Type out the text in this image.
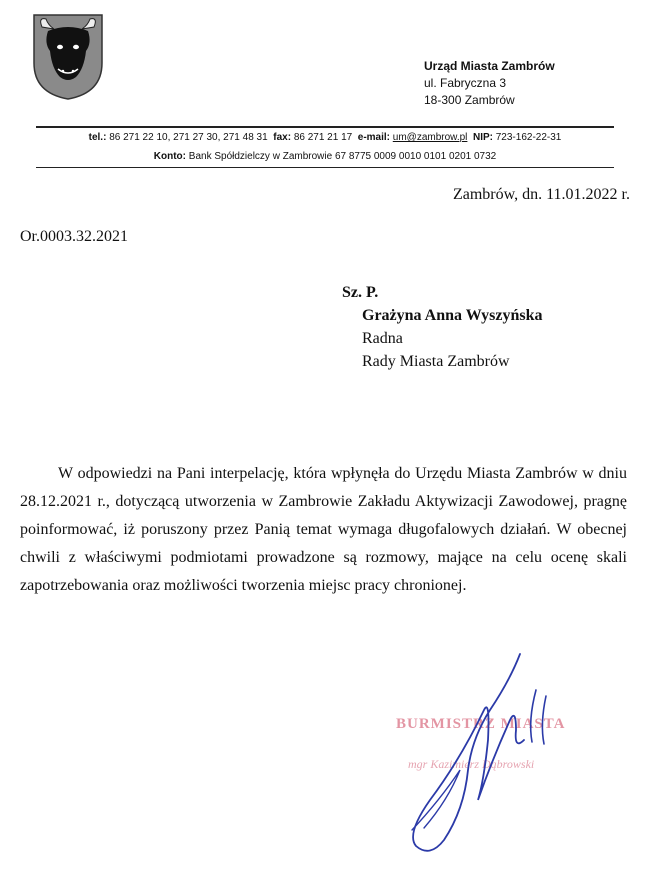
Urząd Miasta Zambrów
ul. Fabryczna 3
18-300 Zambrów
tel.: 86 271 22 10, 271 27 30, 271 48 31 fax: 86 271 21 17 e-mail: um@zambrow.pl NIP: 723-162-22-31
Konto: Bank Spółdzielczy w Zambrowie 67 8775 0009 0010 0101 0201 0732
Zambrów, dn. 11.01.2022 r.
Or.0003.32.2021
Sz. P.
Grażyna Anna Wyszyńska
Radna
Rady Miasta Zambrów

W odpowiedzi na Pani interpelację, która wpłynęła do Urzędu Miasta Zambrów w dniu 28.12.2021 r., dotyczącą utworzenia w Zambrowie Zakładu Aktywizacji Zawodowej, pragnę poinformować, iż poruszony przez Panią temat wymaga długofalowych działań. W obecnej chwili z właściwymi podmiotami prowadzone są rozmowy, mające na celu ocenę skali zapotrzebowania oraz możliwości tworzenia miejsc pracy chronionej.

BURMISTRZ MIASTA
mgr Kazimierz Dąbrowski
